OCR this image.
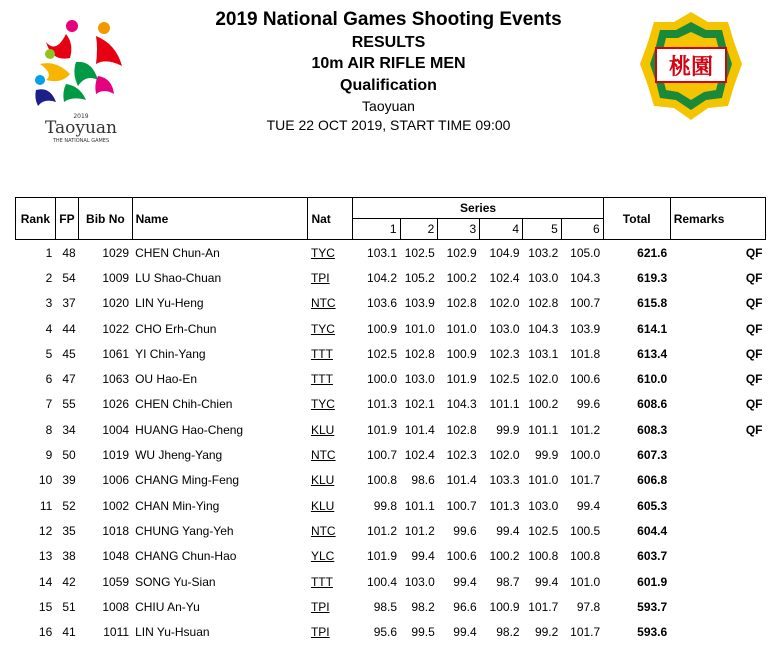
2019
Taoyuan
THE NATIONAL GAMES
2019 National Games Shooting Events
RESULTS
10m AIR RIFLE MEN
Qualification
Taoyuan
TUE 22 OCT 2019, START TIME 09:00
桃園
Rank	FP	Bib No	Name	Nat	Series						Total	Remarks
					1	2	3	4	5	6		
1	48	1029	CHEN Chun-An	TYC	103.1	102.5	102.9	104.9	103.2	105.0	621.6	QF
2	54	1009	LU Shao-Chuan	TPI	104.2	105.2	100.2	102.4	103.0	104.3	619.3	QF
3	37	1020	LIN Yu-Heng	NTC	103.6	103.9	102.8	102.0	102.8	100.7	615.8	QF
4	44	1022	CHO Erh-Chun	TYC	100.9	101.0	101.0	103.0	104.3	103.9	614.1	QF
5	45	1061	YI Chin-Yang	TTT	102.5	102.8	100.9	102.3	103.1	101.8	613.4	QF
6	47	1063	OU Hao-En	TTT	100.0	103.0	101.9	102.5	102.0	100.6	610.0	QF
7	55	1026	CHEN Chih-Chien	TYC	101.3	102.1	104.3	101.1	100.2	99.6	608.6	QF
8	34	1004	HUANG Hao-Cheng	KLU	101.9	101.4	102.8	99.9	101.1	101.2	608.3	QF
9	50	1019	WU Jheng-Yang	NTC	100.7	102.4	102.3	102.0	99.9	100.0	607.3	
10	39	1006	CHANG Ming-Feng	KLU	100.8	98.6	101.4	103.3	101.0	101.7	606.8	
11	52	1002	CHAN Min-Ying	KLU	99.8	101.1	100.7	101.3	103.0	99.4	605.3	
12	35	1018	CHUNG Yang-Yeh	NTC	101.2	101.2	99.6	99.4	102.5	100.5	604.4	
13	38	1048	CHANG Chun-Hao	YLC	101.9	99.4	100.6	100.2	100.8	100.8	603.7	
14	42	1059	SONG Yu-Sian	TTT	100.4	103.0	99.4	98.7	99.4	101.0	601.9	
15	51	1008	CHIU An-Yu	TPI	98.5	98.2	96.6	100.9	101.7	97.8	593.7	
16	41	1011	LIN Yu-Hsuan	TPI	95.6	99.5	99.4	98.2	99.2	101.7	593.6	
